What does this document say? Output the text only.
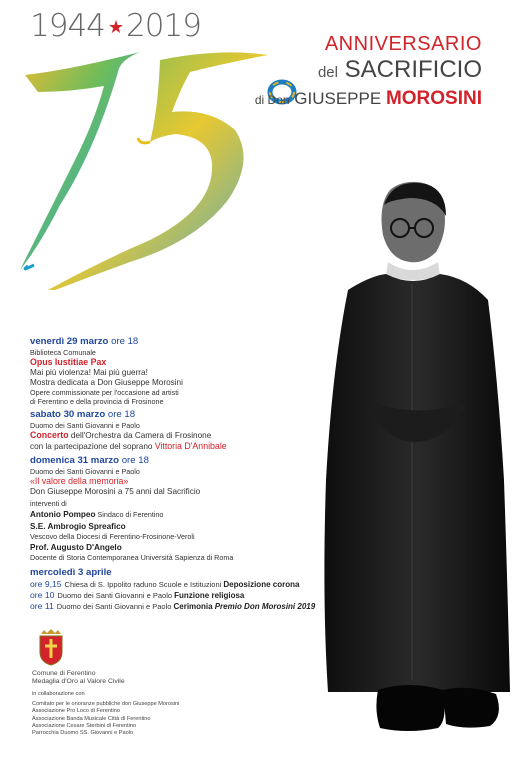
1944 ★2019	ANNIVERSARIO
del SACRIFICIO
di Don GIUSEPPE MOROSINI
venerdì 29 marzo ore 18
Biblioteca Comunale
Opus Iustitiae Pax
Mai più violenza! Mai più guerra!
Mostra dedicata a Don Giuseppe Morosini
Opere commissionate per l'occasione ad artisti
di Ferentino e della provincia di Frosinone
sabato 30 marzo ore 18
Duomo dei Santi Giovanni e Paolo
Concerto dell'Orchestra da Camera di Frosinone
con la partecipazione del soprano Vittoria D'Annibale
domenica 31 marzo ore 18
Duomo dei Santi Giovanni e Paolo
«Il valore della memoria»
Don Giuseppe Morosini a 75 anni dal Sacrificio
interventi di
Antonio Pompeo Sindaco di Ferentino
S.E. Ambrogio Spreafico
Vescovo della Diocesi di Ferentino-Frosinone-Veroli
Prof. Augusto D'Angelo
Docente di Storia Contemporanea Università Sapienza di Roma
mercoledì 3 aprile
ore 9,15 Chiesa di S. Ippolito raduno Scuole e Istituzioni Deposizione corona
ore 10 Duomo dei Santi Giovanni e Paolo Funzione religiosa
ore 11 Duomo dei Santi Giovanni e Paolo Cerimonia Premio Don Morosini 2019
Comune di Ferentino
Medaglia d'Oro al Valore Civile
in collaborazione con
Comitato per le onoranze pubbliche don Giuseppe Morosini
Associazione Pro Loco di Ferentino
Associazione Banda Musicale Città di Ferentino
Associazione Cesare Sterbini di Ferentino
Parrocchia Duomo SS. Giovanni e Paolo
